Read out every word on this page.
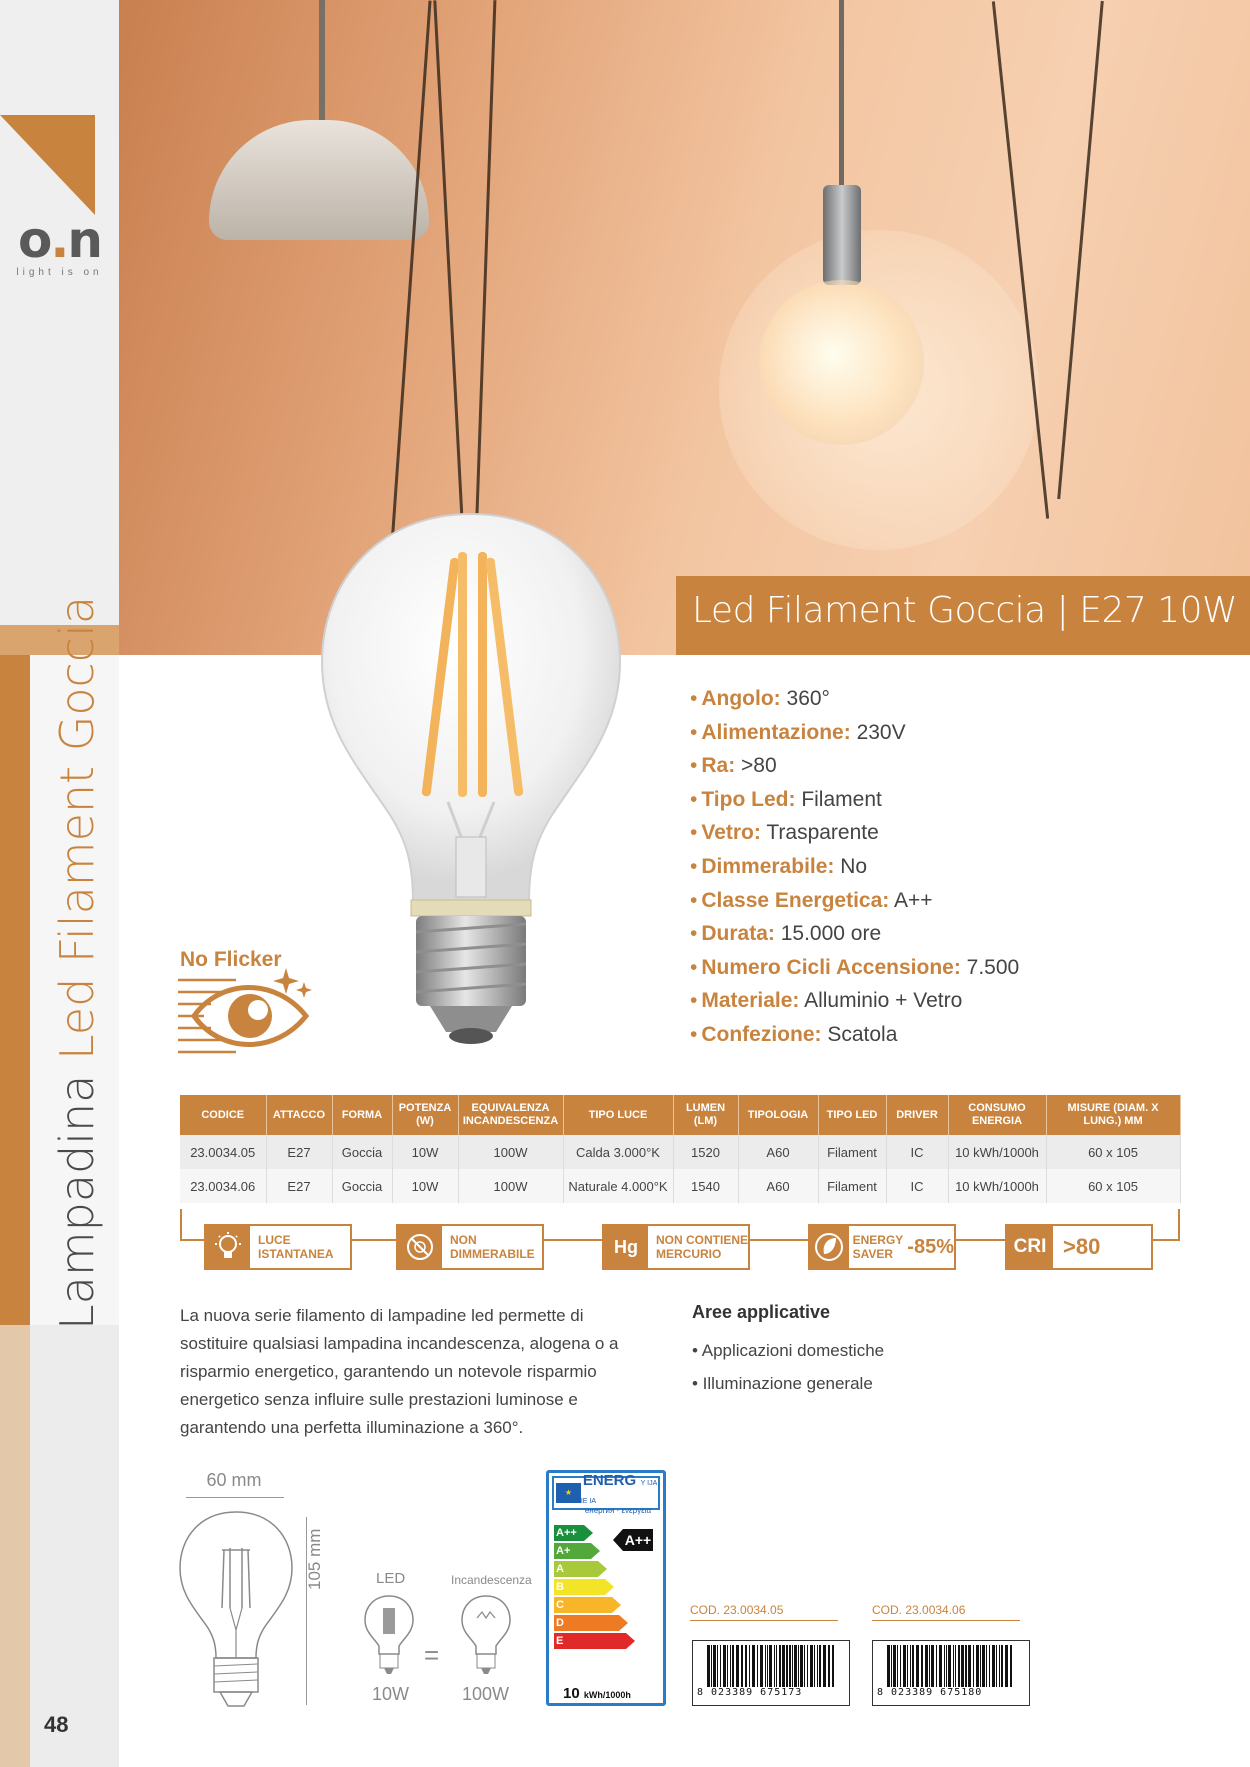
o.n
light is on
Lampadina Led Filament Goccia
48
Led Filament Goccia | E27 10W
No Flicker
• Angolo: 360°
• Alimentazione: 230V
• Ra: >80
• Tipo Led: Filament
• Vetro: Trasparente
• Dimmerabile: No
• Classe Energetica: A++
• Durata: 15.000 ore
• Numero Cicli Accensione: 7.500
• Materiale: Alluminio + Vetro
• Confezione: Scatola
CODICE	ATTACCO	FORMA	POTENZA (W)	EQUIVALENZA INCANDESCENZA	TIPO LUCE	LUMEN (LM)	TIPOLOGIA	TIPO LED	DRIVER	CONSUMO ENERGIA	MISURE (DIAM. X LUNG.) MM
23.0034.05	E27	Goccia	10W	100W	Calda 3.000°K	1520	A60	Filament	IC	10 kWh/1000h	60 x 105
23.0034.06	E27	Goccia	10W	100W	Naturale 4.000°K	1540	A60	Filament	IC	10 kWh/1000h	60 x 105
LUCE
ISTANTANEA
NON
DIMMERABILE	Hg	NON CONTIENE
MERCURIO
ENERGY
SAVER -85%	CRI >80

La nuova serie filamento di lampadine led permette di sostituire qualsiasi lampadina incandescenza, alogena o a risparmio energetico, garantendo un notevole risparmio energetico senza influire sulle prestazioni luminose e garantendo una perfetta illuminazione a 360°.

Aree applicative
• Applicazioni domestiche
• Illuminazione generale
60 mm
105 mm	LED	Incandescenza
=
10W	100W
★
ENERG Y IJA IE IA
енергия · ενεργεια
A++
A+
A
B
C
D
E
A++
10 kWh/1000h
COD. 23.0034.05
8 023389 675173
COD. 23.0034.06
8 023389 675180
